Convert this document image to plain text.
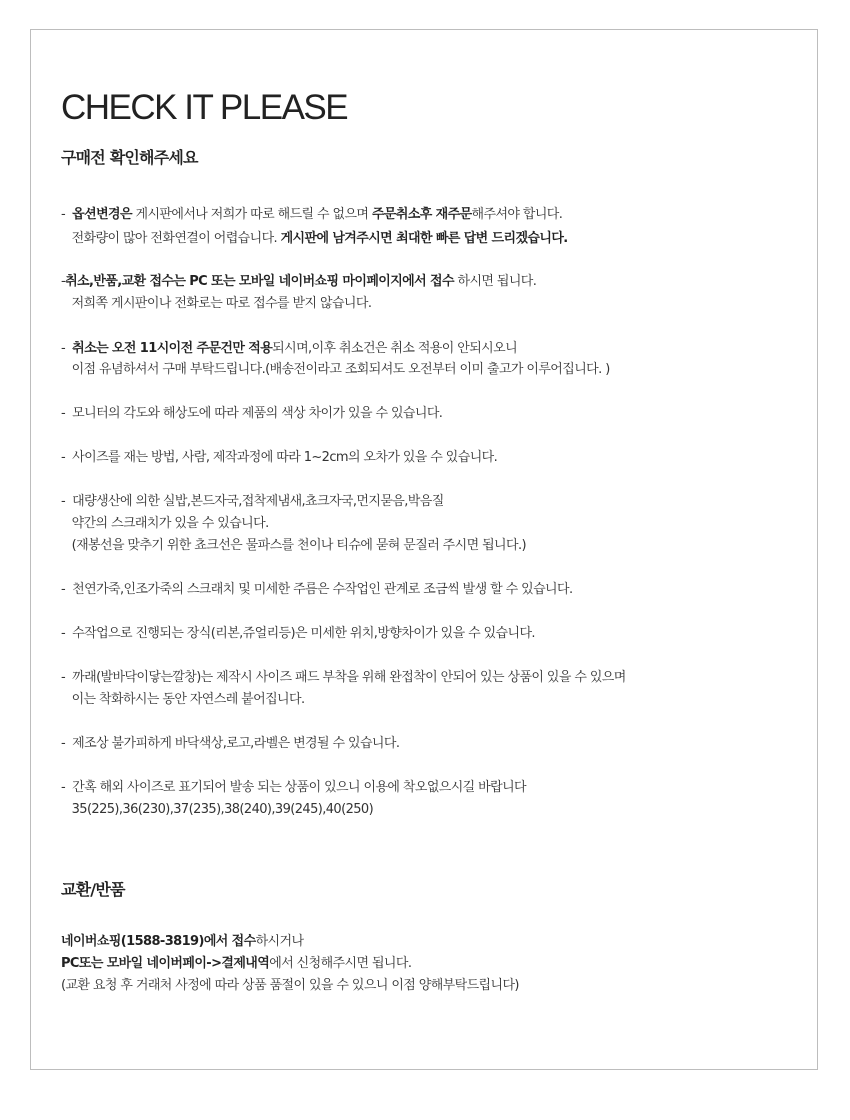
CHECK IT PLEASE
구매전 확인해주세요
-  옵션변경은 게시판에서나 저희가 따로 해드릴 수 없으며 주문취소후 재주문해주셔야 합니다.
전화량이 많아 전화연결이 어렵습니다. 게시판에 남겨주시면 최대한 빠른 답변 드리겠습니다.
-취소,반품,교환 접수는 PC 또는 모바일 네이버쇼핑 마이페이지에서 접수 하시면 됩니다.
저희쪽 게시판이나 전화로는 따로 접수를 받지 않습니다.
-  취소는 오전 11시이전 주문건만 적용되시며,이후 취소건은 취소 적용이 안되시오니
이점 유념하셔서 구매 부탁드립니다.(배송전이라고 조회되셔도 오전부터 이미 출고가 이루어집니다. )
-  모니터의 각도와 해상도에 따라 제품의 색상 차이가 있을 수 있습니다.
-  사이즈를 재는 방법, 사람, 제작과정에 따라 1~2cm의 오차가 있을 수 있습니다.
-  대량생산에 의한 실밥,본드자국,접착제냄새,쵸크자국,먼지묻음,박음질
약간의 스크래치가 있을 수 있습니다.
(재봉선을 맞추기 위한 쵸크선은 물파스를 천이나 티슈에 묻혀 문질러 주시면 됩니다.)
-  천연가죽,인조가죽의 스크래치 및 미세한 주름은 수작업인 관계로 조금씩 발생 할 수 있습니다.
-  수작업으로 진행되는 장식(리본,쥬얼리등)은 미세한 위치,방향차이가 있을 수 있습니다.
-  까래(발바닥이닿는깔창)는 제작시 사이즈 패드 부착을 위해 완접착이 안되어 있는 상품이 있을 수 있으며
이는 착화하시는 동안 자연스레 붙어집니다.
-  제조상 불가피하게 바닥색상,로고,라벨은 변경될 수 있습니다.
-  간혹 해외 사이즈로 표기되어 발송 되는 상품이 있으니 이용에 착오없으시길 바랍니다
35(225),36(230),37(235),38(240),39(245),40(250)
교환/반품
네이버쇼핑(1588-3819)에서 접수하시거나
PC또는 모바일 네이버페이->결제내역에서 신청해주시면 됩니다.
(교환 요청 후 거래처 사정에 따라 상품 품절이 있을 수 있으니 이점 양해부탁드립니다)
